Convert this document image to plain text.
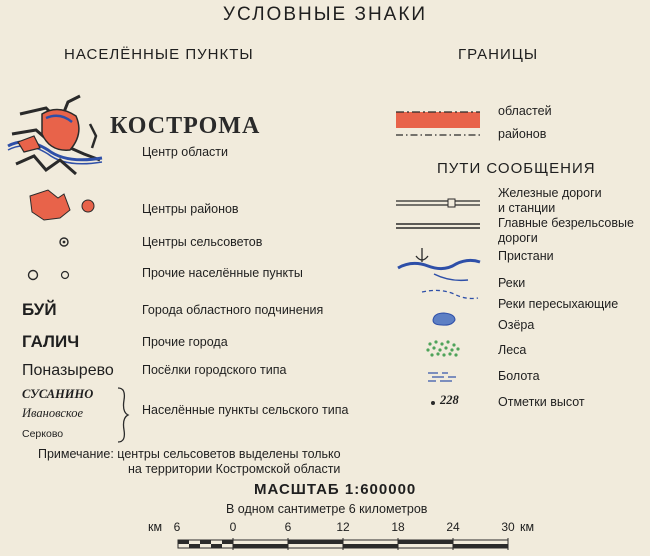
УСЛОВНЫЕ ЗНАКИ
НАСЕЛЁННЫЕ ПУНКТЫ
КОСТРОМА
Центр области
Центры районов
Центры сельсоветов
Прочие населённые пункты
БУЙ	Города областного подчинения
ГАЛИЧ	Прочие города
Поназырево Посёлки городского типа
СУСАНИНО
Ивановское
Серково
Населённые пункты сельского типа
Примечание: центры сельсоветов выделены только
на территории Костромской области
ГРАНИЦЫ
областей
районов
ПУТИ СООБЩЕНИЯ
Железные дороги
и станции
Главные безрельсовые
дороги
Пристани
Реки
Реки пересыхающие
Озёра
Леса
Болота
228	Отметки высот
МАСШТАБ 1:600000
В одном сантиметре 6 километров
км 6	0	6	12	18	24	30 км
